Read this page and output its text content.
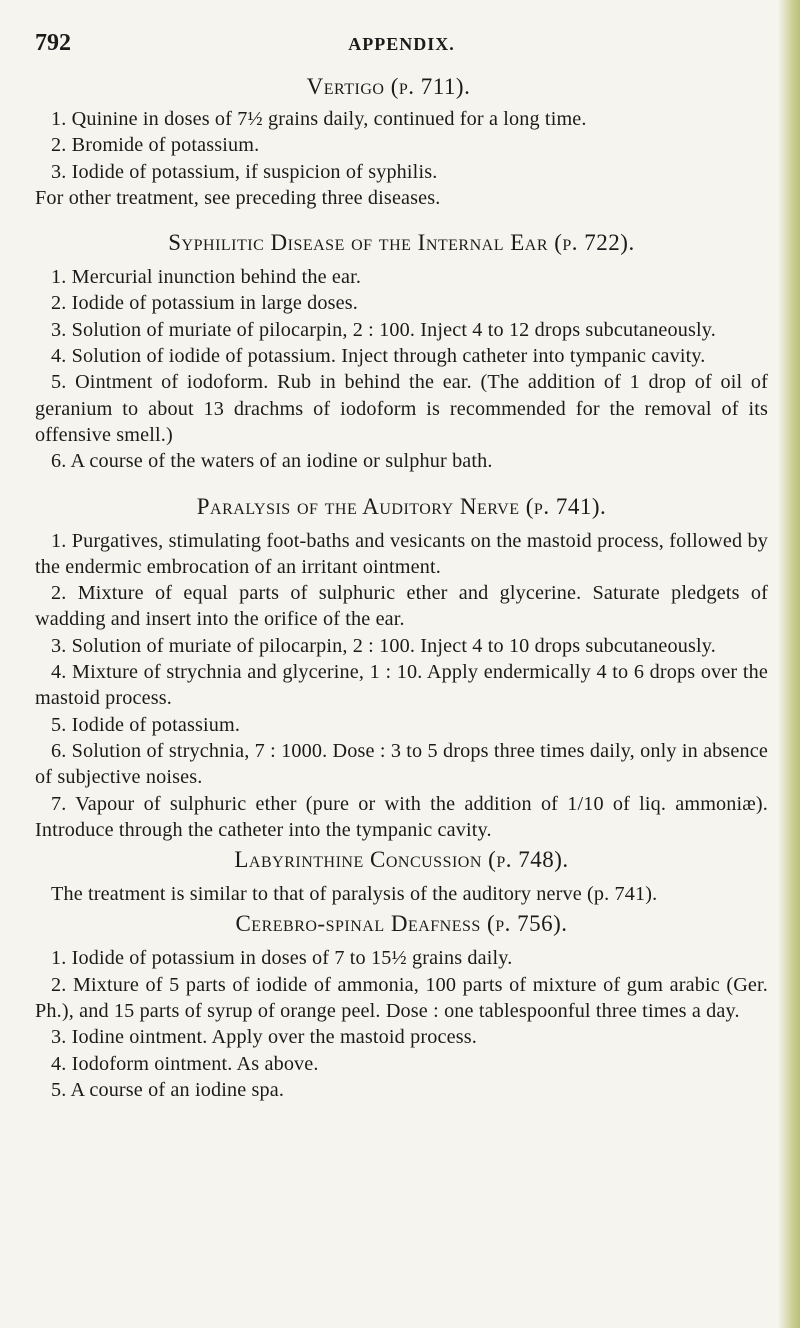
792	APPENDIX.
Vertigo (p. 711).

1. Quinine in doses of 7½ grains daily, continued for a long time.

2. Bromide of potassium.

3. Iodide of potassium, if suspicion of syphilis.

For other treatment, see preceding three diseases.

Syphilitic Disease of the Internal Ear (p. 722).

1. Mercurial inunction behind the ear.

2. Iodide of potassium in large doses.

3. Solution of muriate of pilocarpin, 2 : 100. Inject 4 to 12 drops subcutaneously.

4. Solution of iodide of potassium. Inject through catheter into tympanic cavity.

5. Ointment of iodoform. Rub in behind the ear. (The addition of 1 drop of oil of geranium to about 13 drachms of iodoform is recommended for the removal of its offensive smell.)

6. A course of the waters of an iodine or sulphur bath.

Paralysis of the Auditory Nerve (p. 741).

1. Purgatives, stimulating foot-baths and vesicants on the mastoid process, followed by the endermic embrocation of an irritant ointment.

2. Mixture of equal parts of sulphuric ether and glycerine. Saturate pledgets of wadding and insert into the orifice of the ear.

3. Solution of muriate of pilocarpin, 2 : 100. Inject 4 to 10 drops subcutaneously.

4. Mixture of strychnia and glycerine, 1 : 10. Apply endermically 4 to 6 drops over the mastoid process.

5. Iodide of potassium.

6. Solution of strychnia, 7 : 1000. Dose : 3 to 5 drops three times daily, only in absence of subjective noises.

7. Vapour of sulphuric ether (pure or with the addition of 1/10 of liq. ammoniæ). Introduce through the catheter into the tympanic cavity.

Labyrinthine Concussion (p. 748).

The treatment is similar to that of paralysis of the auditory nerve (p. 741).

Cerebro-spinal Deafness (p. 756).

1. Iodide of potassium in doses of 7 to 15½ grains daily.

2. Mixture of 5 parts of iodide of ammonia, 100 parts of mixture of gum arabic (Ger. Ph.), and 15 parts of syrup of orange peel. Dose : one tablespoonful three times a day.

3. Iodine ointment. Apply over the mastoid process.

4. Iodoform ointment. As above.

5. A course of an iodine spa.
